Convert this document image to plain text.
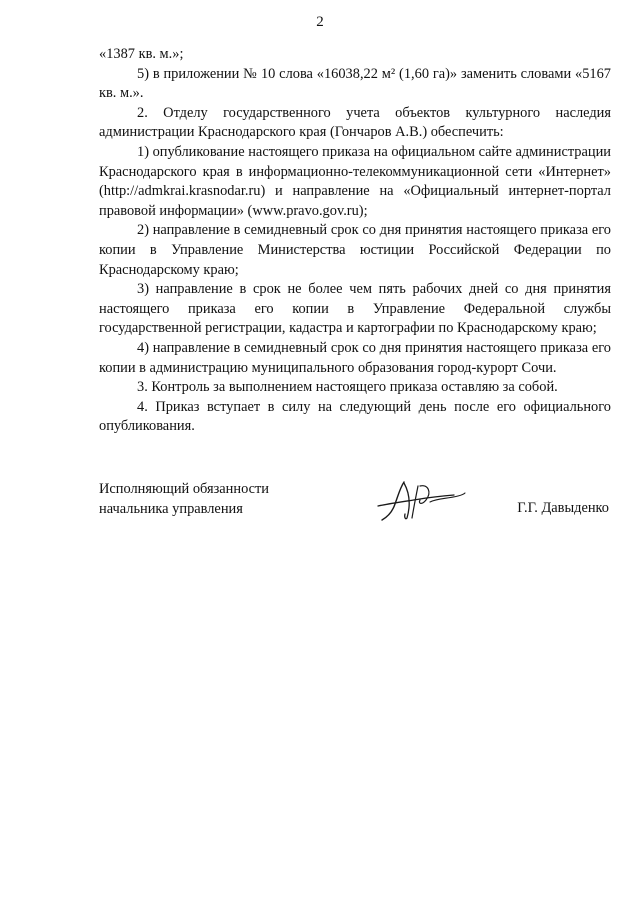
2

«1387 кв. м.»;

5) в приложении № 10 слова «16038,22 м² (1,60 га)» заменить словами «5167 кв. м.».

2. Отделу государственного учета объектов культурного наследия администрации Краснодарского края (Гончаров А.В.) обеспечить:

1) опубликование настоящего приказа на официальном сайте администрации Краснодарского края в информационно-телекоммуникационной сети «Интернет» (http://admkrai.krasnodar.ru) и направление на «Официальный интернет-портал правовой информации» (www.pravo.gov.ru);

2) направление в семидневный срок со дня принятия настоящего приказа его копии в Управление Министерства юстиции Российской Федерации по Краснодарскому краю;

3) направление в срок не более чем пять рабочих дней со дня принятия настоящего приказа его копии в Управление Федеральной службы государственной регистрации, кадастра и картографии по Краснодарскому краю;

4) направление в семидневный срок со дня принятия настоящего приказа его копии в администрацию муниципального образования город-курорт Сочи.

3. Контроль за выполнением настоящего приказа оставляю за собой.

4. Приказ вступает в силу на следующий день после его официального опубликования.

Исполняющий обязанности
начальника управления	Г.Г. Давыденко
